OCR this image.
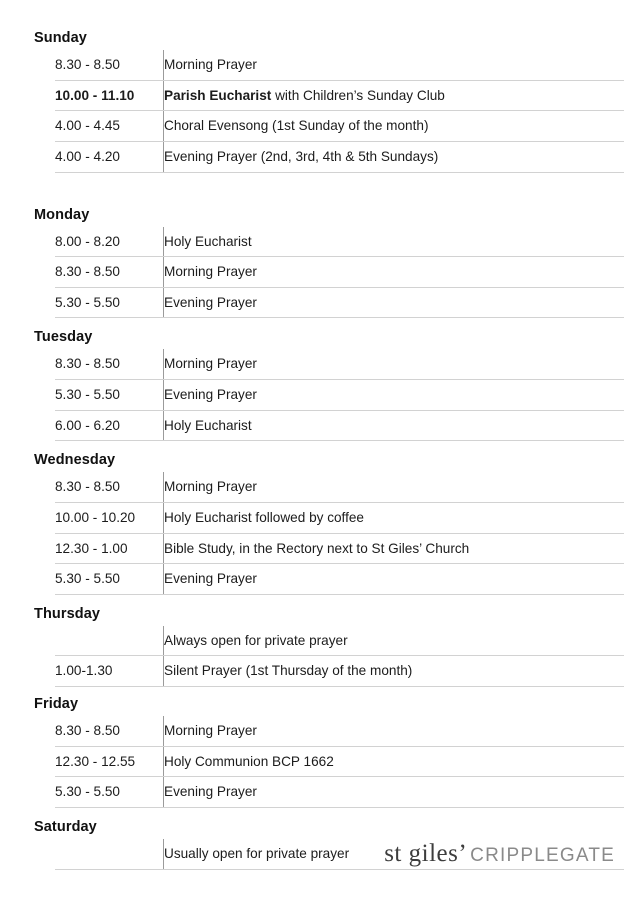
Sunday
8.30 - 8.50	Morning Prayer
10.00 - 11.10	Parish Eucharist with Children’s Sunday Club
4.00 - 4.45	Choral Evensong (1st Sunday of the month)
4.00 - 4.20	Evening Prayer (2nd, 3rd, 4th & 5th Sundays)
Monday
8.00 - 8.20	Holy Eucharist
8.30 - 8.50	Morning Prayer
5.30 - 5.50	Evening Prayer
Tuesday
8.30 - 8.50	Morning Prayer
5.30 - 5.50	Evening Prayer
6.00 - 6.20	Holy Eucharist
Wednesday
8.30 - 8.50	Morning Prayer
10.00 - 10.20	Holy Eucharist followed by coffee
12.30 - 1.00	Bible Study, in the Rectory next to St Giles’ Church
5.30 - 5.50	Evening Prayer
Thursday
	Always open for private prayer
1.00-1.30	Silent Prayer (1st Thursday of the month)
Friday
8.30 - 8.50	Morning Prayer
12.30 - 12.55	Holy Communion BCP 1662
5.30 - 5.50	Evening Prayer
Saturday
	Usually open for private prayer st giles’ CRIPPLEGATE
